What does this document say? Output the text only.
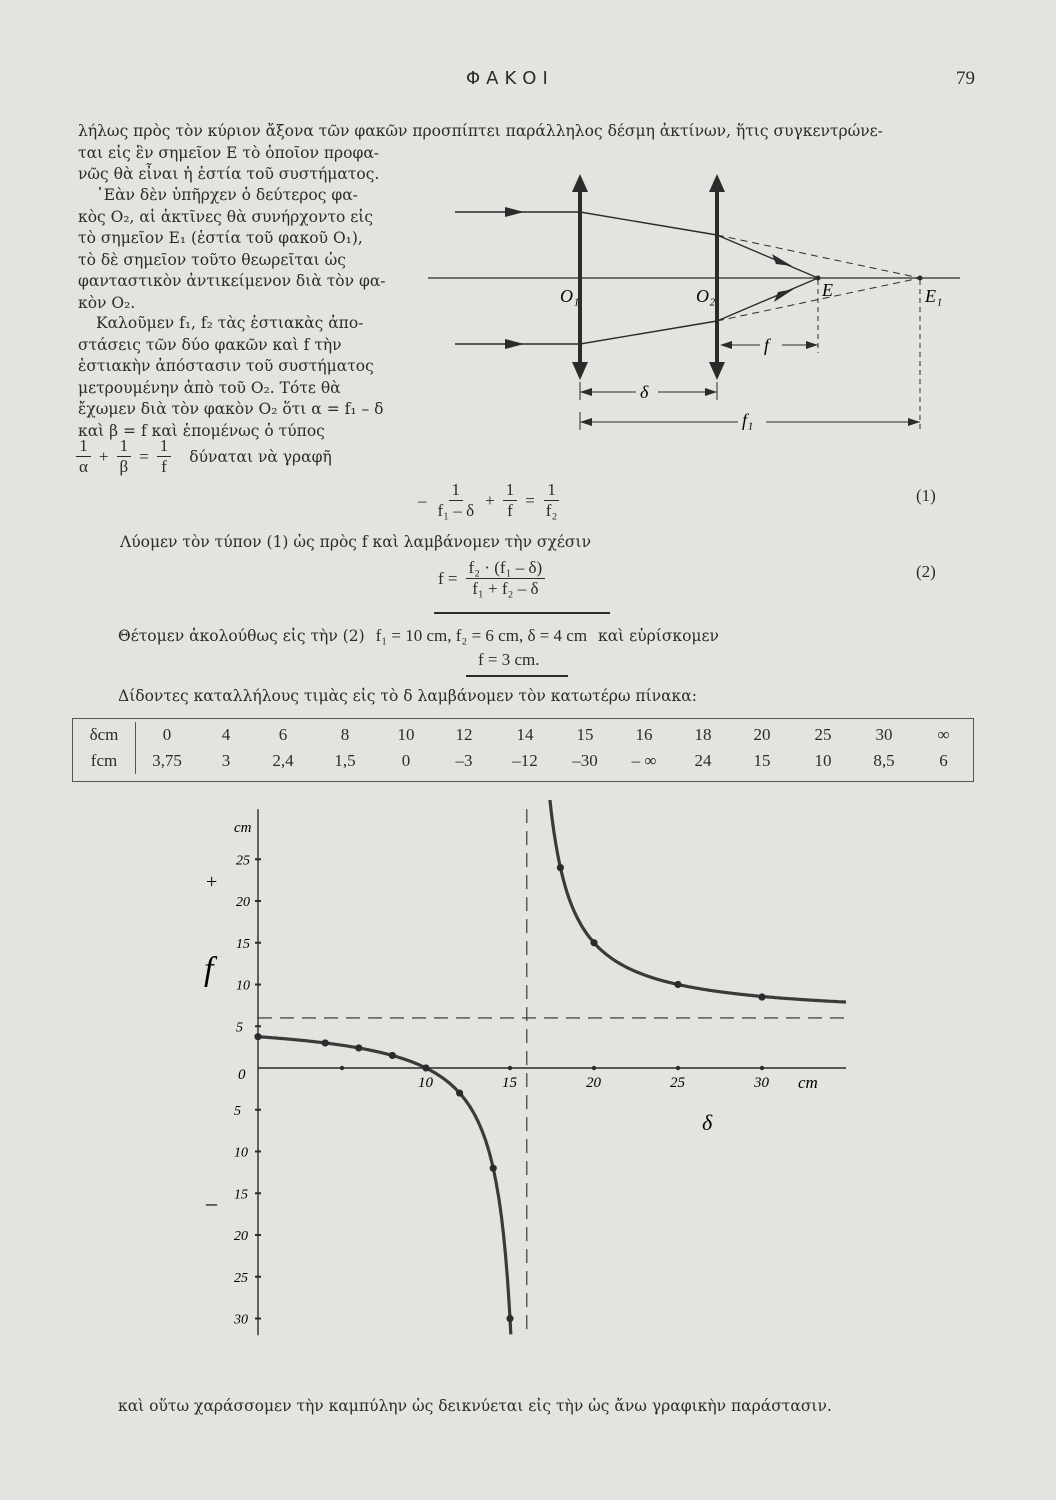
ΦΑΚΟΙ	79
λήλως πρὸς τὸν κύριον ἄξονα τῶν φακῶν προσπίπτει παράλληλος δέσμη ἀκτίνων, ἥτις συγκεντρώνε-
ται εἰς ἓν σημεῖον E τὸ ὁποῖον προφα-
νῶς θὰ εἶναι ἡ ἑστία τοῦ συστήματος.
᾿Εὰν δὲν ὑπῆρχεν ὁ δεύτερος φα-
κὸς O₂, αἱ ἀκτῖνες θὰ συνήρχοντο εἰς
τὸ σημεῖον E₁ (ἑστία τοῦ φακοῦ O₁),
τὸ δὲ σημεῖον τοῦτο θεωρεῖται ὡς
φανταστικὸν ἀντικείμενον διὰ τὸν φα-
κὸν O₂.
Καλοῦμεν f₁, f₂ τὰς ἑστιακὰς ἀπο-
στάσεις τῶν δύο φακῶν καὶ f τὴν
ἑστιακὴν ἀπόστασιν τοῦ συστήματος
μετρουμένην ἀπὸ τοῦ O₂. Τότε θὰ
ἔχωμεν διὰ τὸν φακὸν O₂ ὅτι α = f₁ – δ
καὶ β = f καὶ ἑπομένως ὁ τύπος
$\frac{1}{\alpha} + \frac{1}{\beta} = \frac{1}{f}$ δύναται νὰ γραφῆ
– $\frac{1}{\text{f₁ – δ}} + \frac{1}{f} = \frac{1}{\text{f₂}}$	(1)
Λύομεν τὸν τύπον (1) ὡς πρὸς f καὶ λαμβάνομεν τὴν σχέσιν
$f = \frac{\text{f₂ · (f₁ – δ)}}{\text{f₁ + f₂ – δ}}$	(2)
Θέτομεν ἀκολούθως εἰς τὴν (2) f₁ = 10 cm, f₂ = 6 cm, δ = 4 cm καὶ εὑρίσκομεν
f = 3 cm.
Δίδοντες καταλλήλους τιμὰς εἰς τὸ δ λαμβάνομεν τὸν κατωτέρω πίνακα:
δcm	0	4	6	8	10	12	14	15	16	18	20	25	30	∞
fcm	3,75	3	2,4	1,5	0	–3	–12	–30	– ∞	24	15	10	8,5	6
O₁	O₂	E	E₁
f
δ
f₁
cm
+
f
–
cm
δ
0	10	15	20	25	30
25
20
15
10
5
5
10
15
20
25
30
καὶ οὕτω χαράσσομεν τὴν καμπύλην ὡς δεικνύεται εἰς τὴν ὡς ἄνω γραφικὴν παράστασιν.
